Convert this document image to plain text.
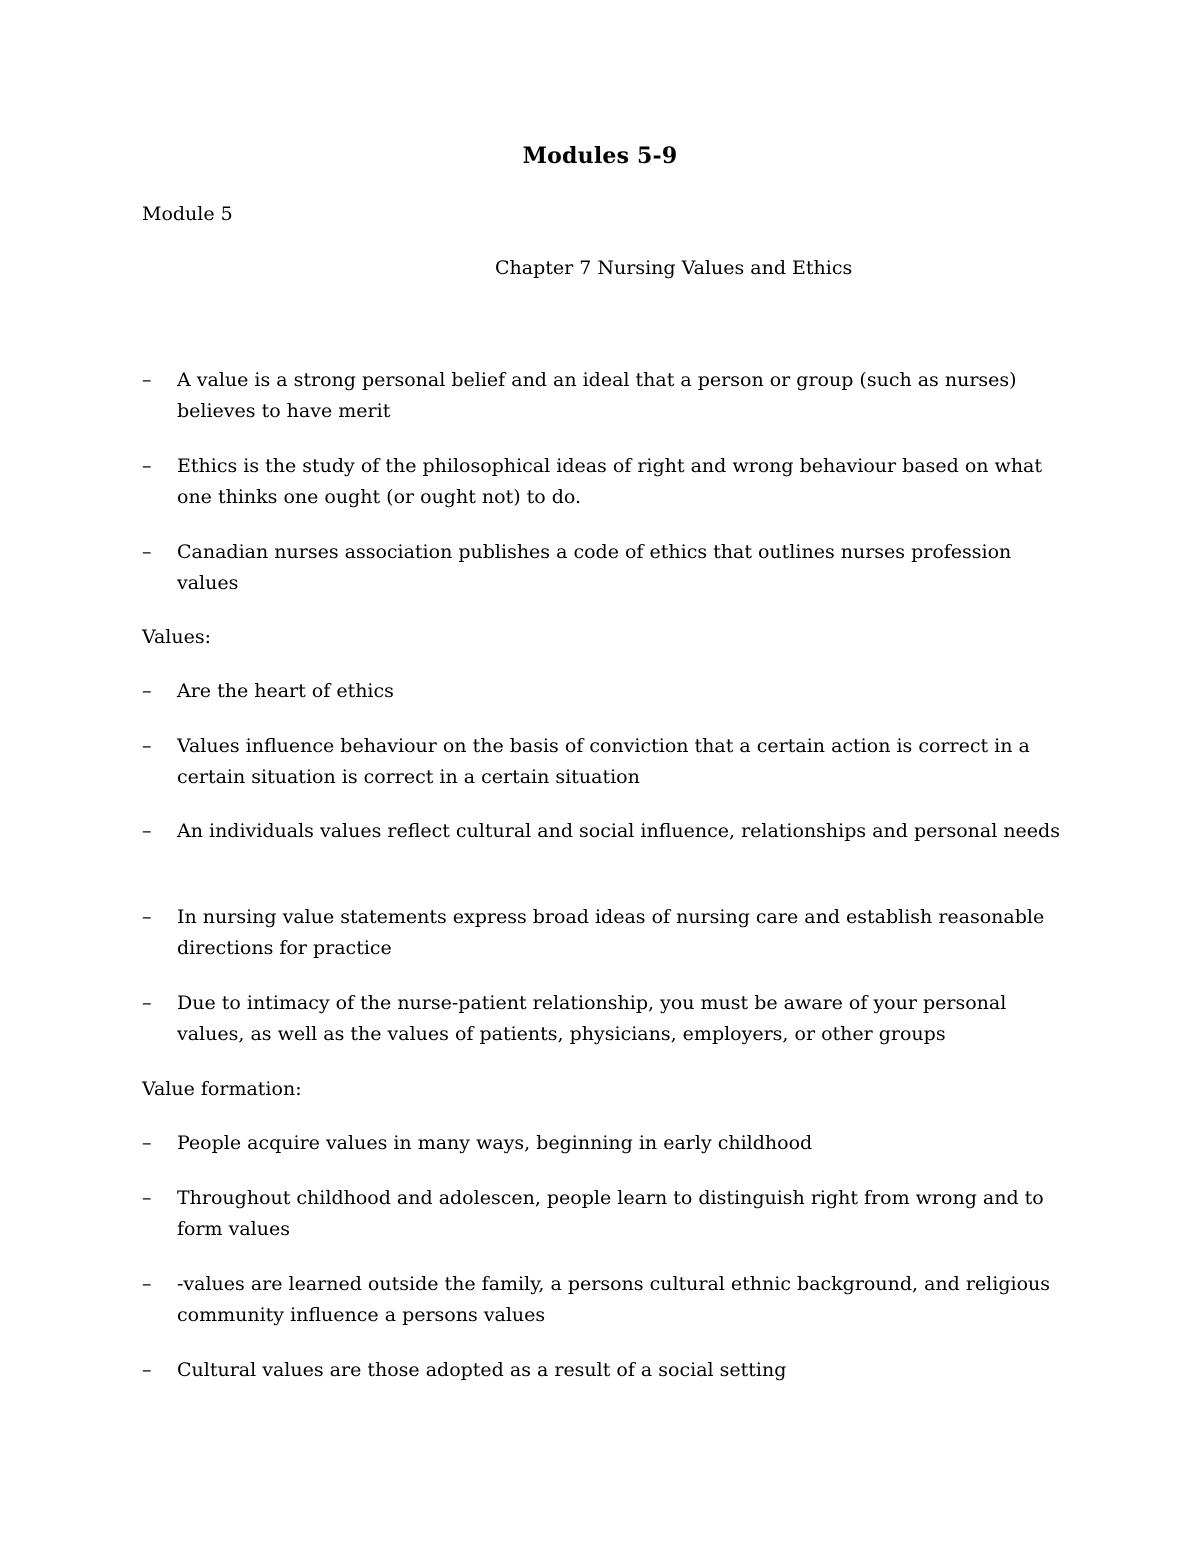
Modules 5-9
Module 5
Chapter 7 Nursing Values and Ethics
–	A value is a strong personal belief and an ideal that a person or group (such as nurses) believes to have merit
–	Ethics is the study of the philosophical ideas of right and wrong behaviour based on what one thinks one ought (or ought not) to do.
–	Canadian nurses association publishes a code of ethics that outlines nurses profession values
Values:
–	Are the heart of ethics
–	Values influence behaviour on the basis of conviction that a certain action is correct in a certain situation is correct in a certain situation
–	An individuals values reflect cultural and social influence, relationships and personal needs
–	In nursing value statements express broad ideas of nursing care and establish reasonable directions for practice
–	Due to intimacy of the nurse-patient relationship, you must be aware of your personal values, as well as the values of patients, physicians, employers, or other groups
Value formation:
–	People acquire values in many ways, beginning in early childhood
–	Throughout childhood and adolescen, people learn to distinguish right from wrong and to form values
–	-values are learned outside the family, a persons cultural ethnic background, and religious community influence a persons values
–	Cultural values are those adopted as a result of a social setting
